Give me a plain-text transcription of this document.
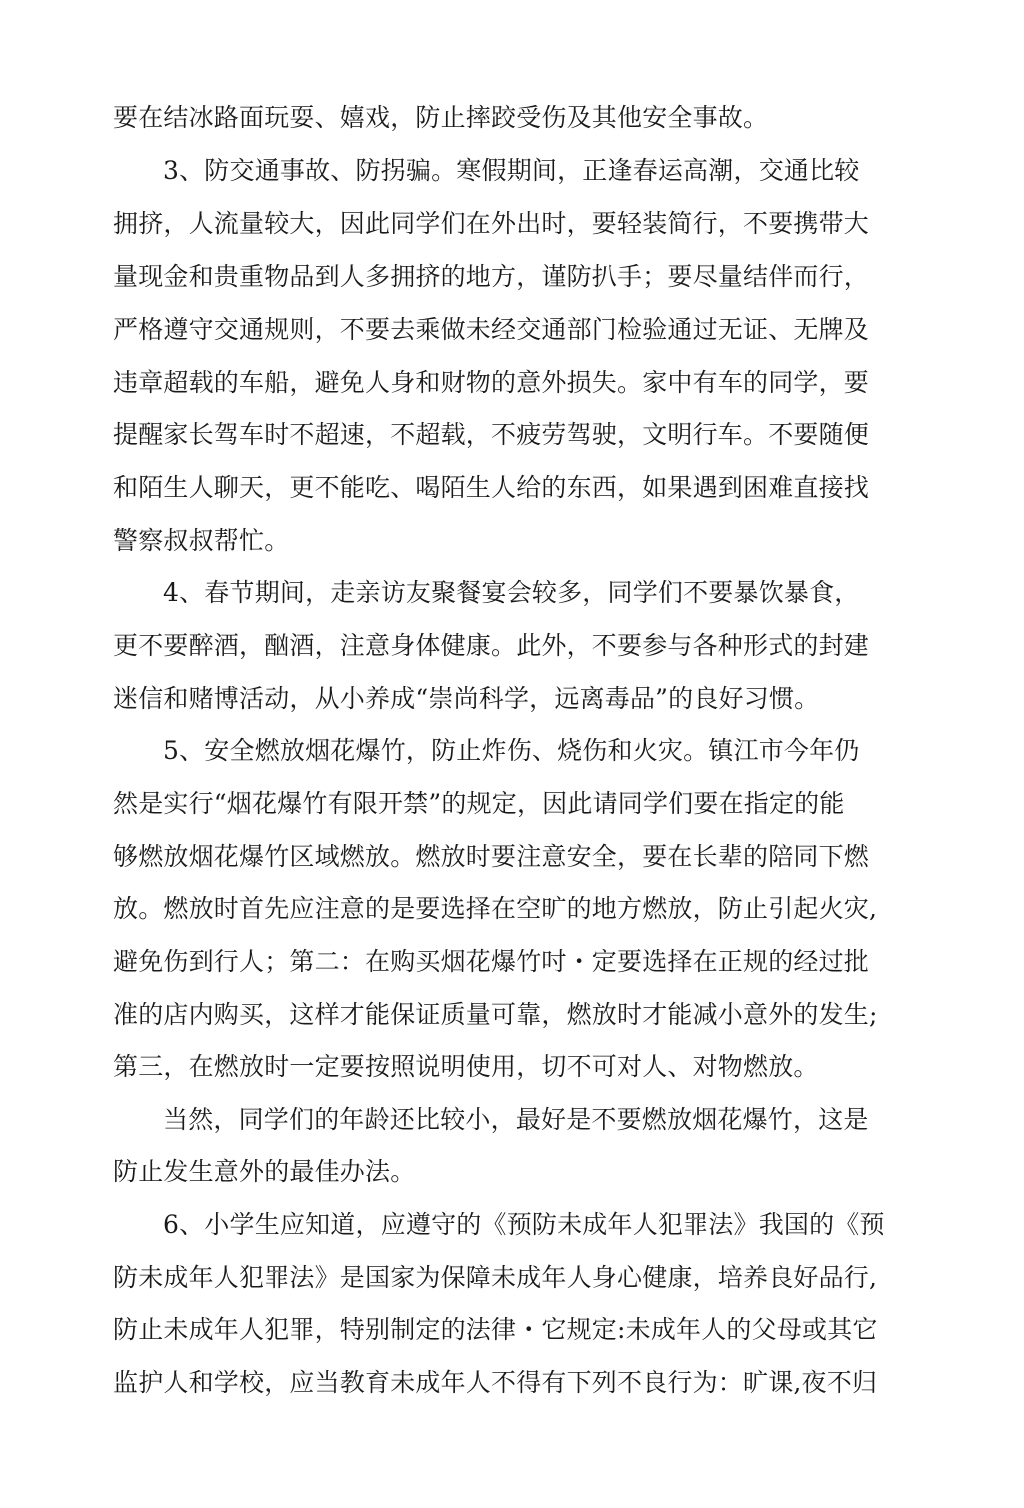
要在结冰路面玩耍、嬉戏，防止摔跤受伤及其他安全事故。
3、防交通事故、防拐骗。寒假期间，正逢春运高潮，交通比较
拥挤，人流量较大，因此同学们在外出时，要轻装简行，不要携带大
量现金和贵重物品到人多拥挤的地方，谨防扒手；要尽量结伴而行，
严格遵守交通规则，不要去乘做未经交通部门检验通过无证、无牌及
违章超载的车船，避免人身和财物的意外损失。家中有车的同学，要
提醒家长驾车时不超速，不超载，不疲劳驾驶，文明行车。不要随便
和陌生人聊天，更不能吃、喝陌生人给的东西，如果遇到困难直接找
警察叔叔帮忙。
4、春节期间，走亲访友聚餐宴会较多，同学们不要暴饮暴食，
更不要醉酒，酗酒，注意身体健康。此外，不要参与各种形式的封建
迷信和赌博活动，从小养成“崇尚科学，远离毒品”的良好习惯。
5、安全燃放烟花爆竹，防止炸伤、烧伤和火灾。镇江市今年仍
然是实行“烟花爆竹有限开禁”的规定，因此请同学们要在指定的能
够燃放烟花爆竹区域燃放。燃放时要注意安全，要在长辈的陪同下燃
放。燃放时首先应注意的是要选择在空旷的地方燃放，防止引起火灾,
避免伤到行人；第二：在购买烟花爆竹吋・定要选择在正规的经过批
准的店内购买，这样才能保证质量可靠，燃放时才能减小意外的发生;
第三，在燃放时一定要按照说明使用，切不可对人、对物燃放。
当然，同学们的年龄还比较小，最好是不要燃放烟花爆竹，这是
防止发生意外的最佳办法。
6、小学生应知道，应遵守的《预防未成年人犯罪法》我国的《预
防未成年人犯罪法》是国家为保障未成年人身心健康，培养良好品行,
防止未成年人犯罪，特别制定的法律・它规定:未成年人的父母或其它
监护人和学校，应当教育未成年人不得有下列不良行为：旷课,夜不归
